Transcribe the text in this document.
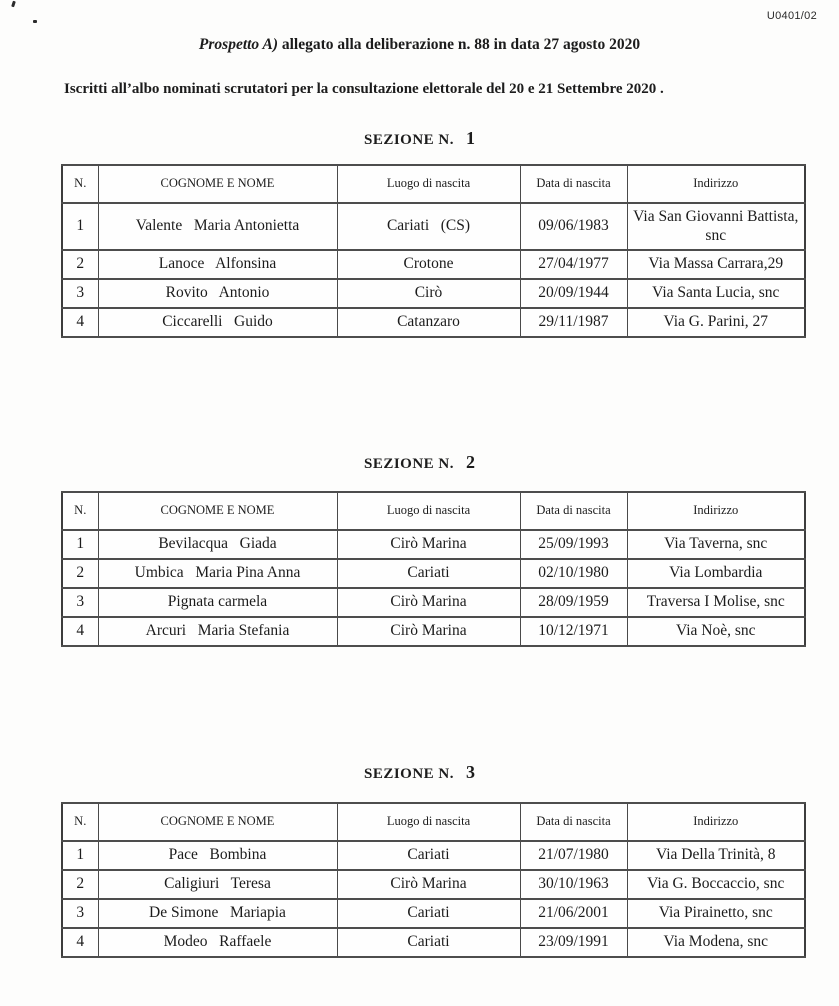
U0401/02
Prospetto A) allegato alla deliberazione n. 88 in data 27 agosto 2020
Iscritti all’albo nominati scrutatori per la consultazione elettorale del 20 e 21 Settembre 2020 .
SEZIONE N. 1
N.	COGNOME E NOME	Luogo di nascita	Data di nascita	Indirizzo
1	Valente   Maria Antonietta	Cariati   (CS)	09/06/1983	Via San Giovanni Battista, snc
2	Lanoce   Alfonsina	Crotone	27/04/1977	Via Massa Carrara,29
3	Rovito   Antonio	Cirò	20/09/1944	Via Santa Lucia, snc
4	Ciccarelli   Guido	Catanzaro	29/11/1987	Via G. Parini, 27
SEZIONE N. 2
N.	COGNOME E NOME	Luogo di nascita	Data di nascita	Indirizzo
1	Bevilacqua   Giada	Cirò Marina	25/09/1993	Via Taverna, snc
2	Umbica   Maria Pina Anna	Cariati	02/10/1980	Via Lombardia
3	Pignata carmela	Cirò Marina	28/09/1959	Traversa I Molise, snc
4	Arcuri   Maria Stefania	Cirò Marina	10/12/1971	Via Noè, snc
SEZIONE N. 3
N.	COGNOME E NOME	Luogo di nascita	Data di nascita	Indirizzo
1	Pace   Bombina	Cariati	21/07/1980	Via Della Trinità, 8
2	Caligiuri   Teresa	Cirò Marina	30/10/1963	Via G. Boccaccio, snc
3	De Simone   Mariapia	Cariati	21/06/2001	Via Pirainetto, snc
4	Modeo   Raffaele	Cariati	23/09/1991	Via Modena, snc
